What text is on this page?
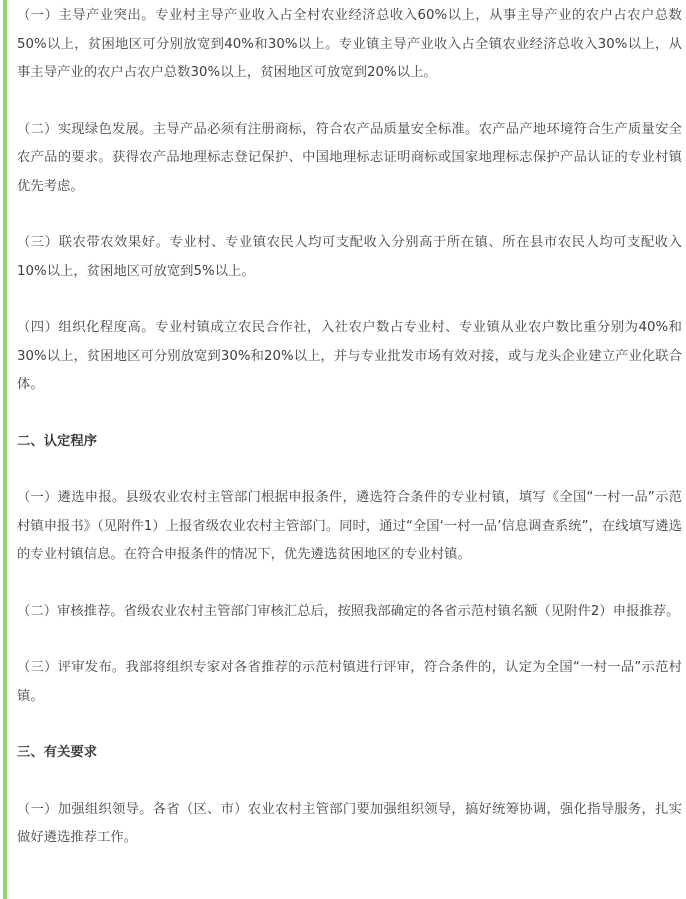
（一）主导产业突出。专业村主导产业收入占全村农业经济总收入60%以上，从事主导产业的农户占农户总数50%以上，贫困地区可分别放宽到40%和30%以上。专业镇主导产业收入占全镇农业经济总收入30%以上，从事主导产业的农户占农户总数30%以上，贫困地区可放宽到20%以上。

（二）实现绿色发展。主导产品必须有注册商标，符合农产品质量安全标准。农产品产地环境符合生产质量安全农产品的要求。获得农产品地理标志登记保护、中国地理标志证明商标或国家地理标志保护产品认证的专业村镇优先考虑。

（三）联农带农效果好。专业村、专业镇农民人均可支配收入分别高于所在镇、所在县市农民人均可支配收入10%以上，贫困地区可放宽到5%以上。

（四）组织化程度高。专业村镇成立农民合作社，入社农户数占专业村、专业镇从业农户数比重分别为40%和30%以上，贫困地区可分别放宽到30%和20%以上，并与专业批发市场有效对接，或与龙头企业建立产业化联合体。

二、认定程序

（一）遴选申报。县级农业农村主管部门根据申报条件，遴选符合条件的专业村镇，填写《全国“一村一品”示范村镇申报书》（见附件1）上报省级农业农村主管部门。同时，通过“全国‘一村一品’信息调查系统”，在线填写遴选的专业村镇信息。在符合申报条件的情况下，优先遴选贫困地区的专业村镇。

（二）审核推荐。省级农业农村主管部门审核汇总后，按照我部确定的各省示范村镇名额（见附件2）申报推荐。

（三）评审发布。我部将组织专家对各省推荐的示范村镇进行评审，符合条件的，认定为全国“一村一品”示范村镇。

三、有关要求

（一）加强组织领导。各省（区、市）农业农村主管部门要加强组织领导，搞好统筹协调，强化指导服务，扎实做好遴选推荐工作。
